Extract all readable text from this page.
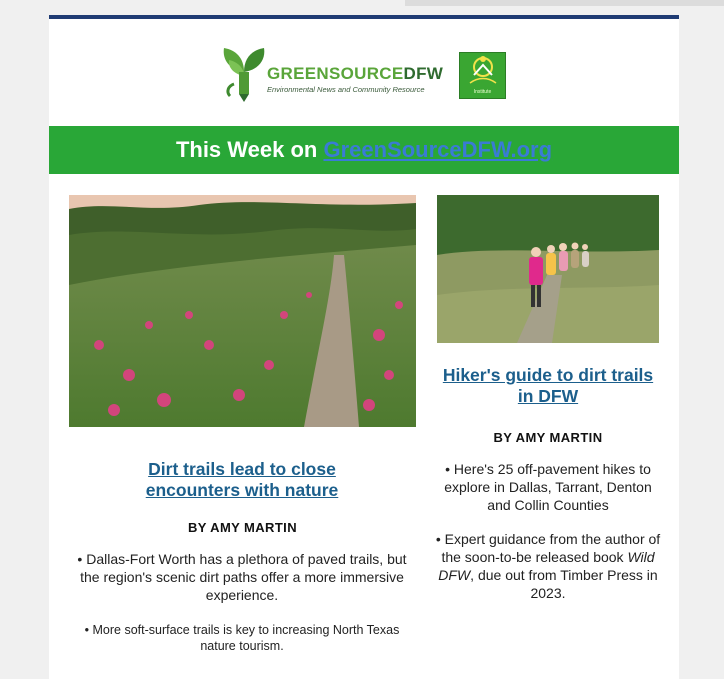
GREENSOURCEDFW
Environmental News and Community Resource	Institute
This Week on GreenSourceDFW.org
Dirt trails lead to close encounters with nature
BY AMY MARTIN
• Dallas-Fort Worth has a plethora of paved trails, but the region's scenic dirt paths offer a more immersive experience.
• More soft-surface trails is key to increasing North Texas nature tourism.
Hiker's guide to dirt trails in DFW
BY AMY MARTIN
• Here's 25 off-pavement hikes to explore in Dallas, Tarrant, Denton and Collin Counties
• Expert guidance from the author of the soon-to-be released book Wild DFW, due out from Timber Press in 2023.
